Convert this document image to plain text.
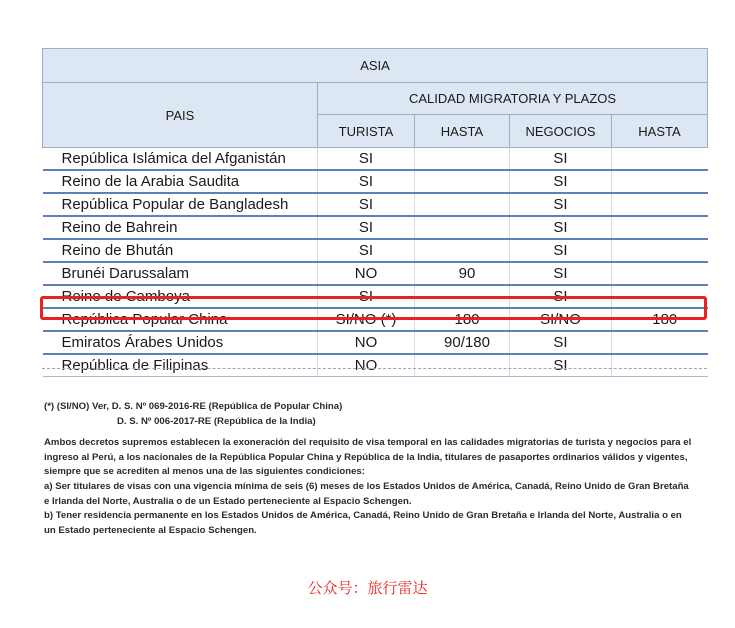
ASIA				
PAIS	CALIDAD MIGRATORIA Y PLAZOS			
	TURISTA	HASTA	NEGOCIOS	HASTA
República Islámica del Afganistán	SI		SI	
Reino de la Arabia Saudita	SI		SI	
República Popular de Bangladesh	SI		SI	
Reino de Bahrein	SI		SI	
Reino de Bhután	SI		SI	
Brunéi Darussalam	NO	90	SI	
Reino de Camboya	SI		SI	
República Popular China	SI/NO (*)	180	SI/NO	180
Emiratos Árabes Unidos	NO	90/180	SI	
República de Filipinas	NO		SI	

(*) (SI/NO) Ver, D. S. Nº 069-2016-RE (República de Popular China)

D. S. Nº 006-2017-RE (República de la India)

Ambos decretos supremos establecen la exoneración del requisito de visa temporal en las calidades migratorias de turista y negocios para el ingreso al Perú, a los nacionales de la República Popular China y República de la India, titulares de pasaportes ordinarios válidos y vigentes, siempre que se acrediten al menos una de las siguientes condiciones:

a) Ser titulares de visas con una vigencia mínima de seis (6) meses de los Estados Unidos de América, Canadá, Reino Unido de Gran Bretaña e Irlanda del Norte, Australia o de un Estado perteneciente al Espacio Schengen.

b) Tener residencia permanente en los Estados Unidos de América, Canadá, Reino Unido de Gran Bretaña e Irlanda del Norte, Australia o en un Estado perteneciente al Espacio Schengen.

公众号：旅行雷达
